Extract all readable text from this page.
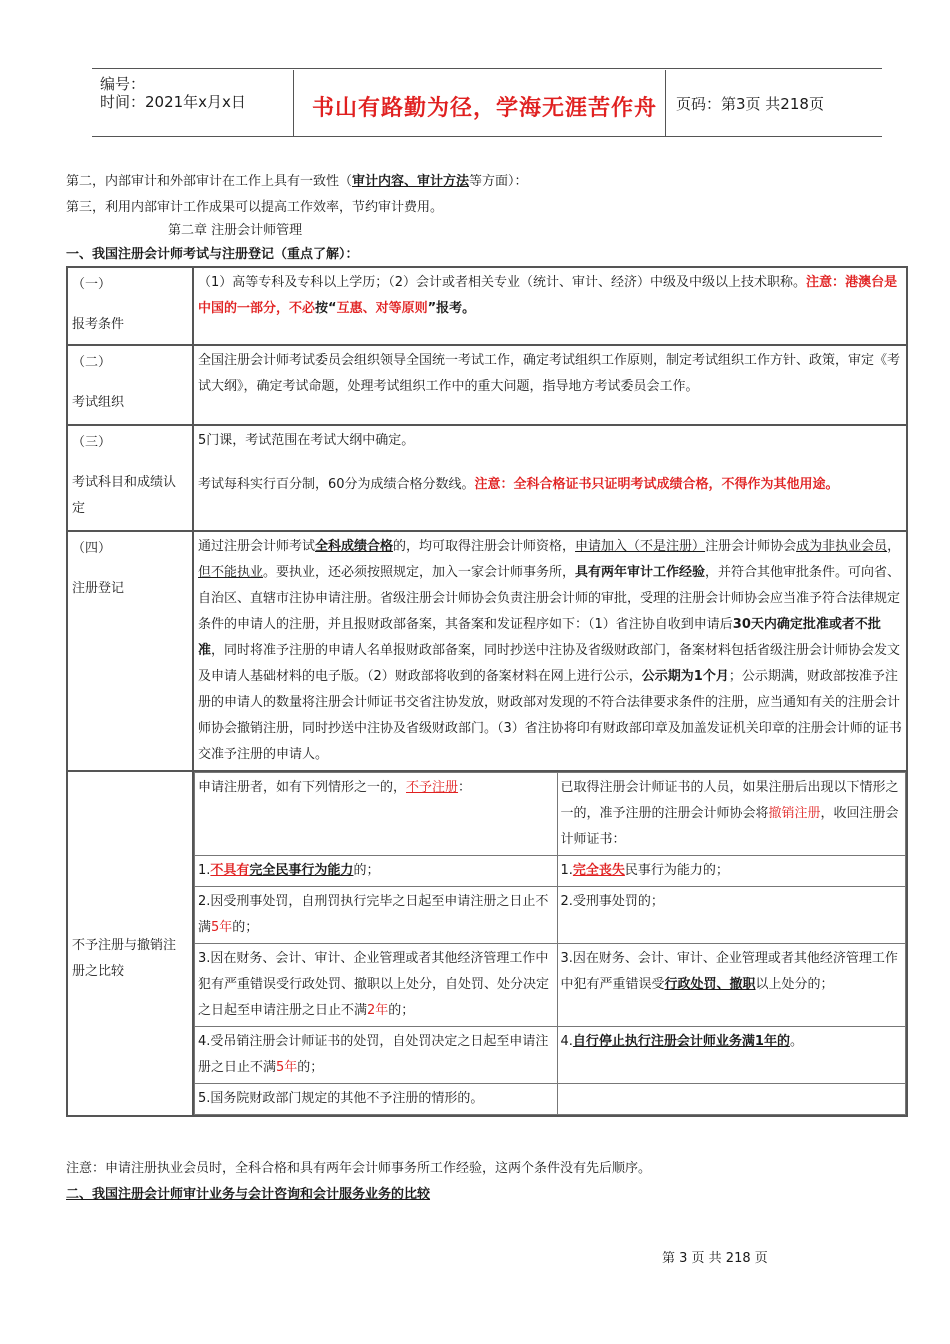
编号：
时间：2021年x月x日	书山有路勤为径，学海无涯苦作舟 页码：第3页 共218页
第二，内部审计和外部审计在工作上具有一致性（审计内容、审计方法等方面）：
第三，利用内部审计工作成果可以提高工作效率，节约审计费用。
第二章 注册会计师管理
一、我国注册会计师考试与注册登记（重点了解）：
（一）
报考条件
	（1）高等专科及专科以上学历；（2）会计或者相关专业（统计、审计、经济）中级及中级以上技术职称。注意：港澳台是中国的一部分，不必按“互惠、对等原则”报考。

（二）
考试组织
	全国注册会计师考试委员会组织领导全国统一考试工作，确定考试组织工作原则，制定考试组织工作方针、政策，审定《考试大纲》，确定考试命题，处理考试组织工作中的重大问题，指导地方考试委员会工作。

（三）
考试科目和成绩认定

5门课，考试范围在考试大纲中确定。
考试每科实行百分制，60分为成绩合格分数线。注意：全科合格证书只证明考试成绩合格，不得作为其他用途。

（四）
注册登记
	通过注册会计师考试全科成绩合格的，均可取得注册会计师资格，申请加入（不是注册）注册会计师协会成为非执业会员，但不能执业。要执业，还必须按照规定，加入一家会计师事务所，具有两年审计工作经验，并符合其他审批条件。可向省、自治区、直辖市注协申请注册。省级注册会计师协会负责注册会计师的审批，受理的注册会计师协会应当准予符合法律规定条件的申请人的注册，并且报财政部备案，其备案和发证程序如下：（1）省注协自收到申请后30天内确定批准或者不批准，同时将准予注册的申请人名单报财政部备案，同时抄送中注协及省级财政部门，备案材料包括省级注册会计师协会发文及申请人基础材料的电子版。（2）财政部将收到的备案材料在网上进行公示，公示期为1个月；公示期满，财政部按准予注册的申请人的数量将注册会计师证书交省注协发放，财政部对发现的不符合法律要求条件的注册，应当通知有关的注册会计师协会撤销注册，同时抄送中注协及省级财政部门。（3）省注协将印有财政部印章及加盖发证机关印章的注册会计师的证书交准予注册的申请人。

不予注册与撤销注册之比较

申请注册者，如有下列情形之一的，不予注册：	已取得注册会计师证书的人员，如果注册后出现以下情形之一的，准予注册的注册会计师协会将撤销注册，收回注册会计师证书：
1.不具有完全民事行为能力的；	1.完全丧失民事行为能力的；
2.因受刑事处罚，自刑罚执行完毕之日起至申请注册之日止不满5年的；	2.受刑事处罚的；
3.因在财务、会计、审计、企业管理或者其他经济管理工作中犯有严重错误受行政处罚、撤职以上处分，自处罚、处分决定之日起至申请注册之日止不满2年的；	3.因在财务、会计、审计、企业管理或者其他经济管理工作中犯有严重错误受行政处罚、撤职以上处分的；
4.受吊销注册会计师证书的处罚，自处罚决定之日起至申请注册之日止不满5年的；	4.自行停止执行注册会计师业务满1年的。
5.国务院财政部门规定的其他不予注册的情形的。	
注意：申请注册执业会员时，全科合格和具有两年会计师事务所工作经验，这两个条件没有先后顺序。
二、我国注册会计师审计业务与会计咨询和会计服务业务的比较
第 3 页 共 218 页
